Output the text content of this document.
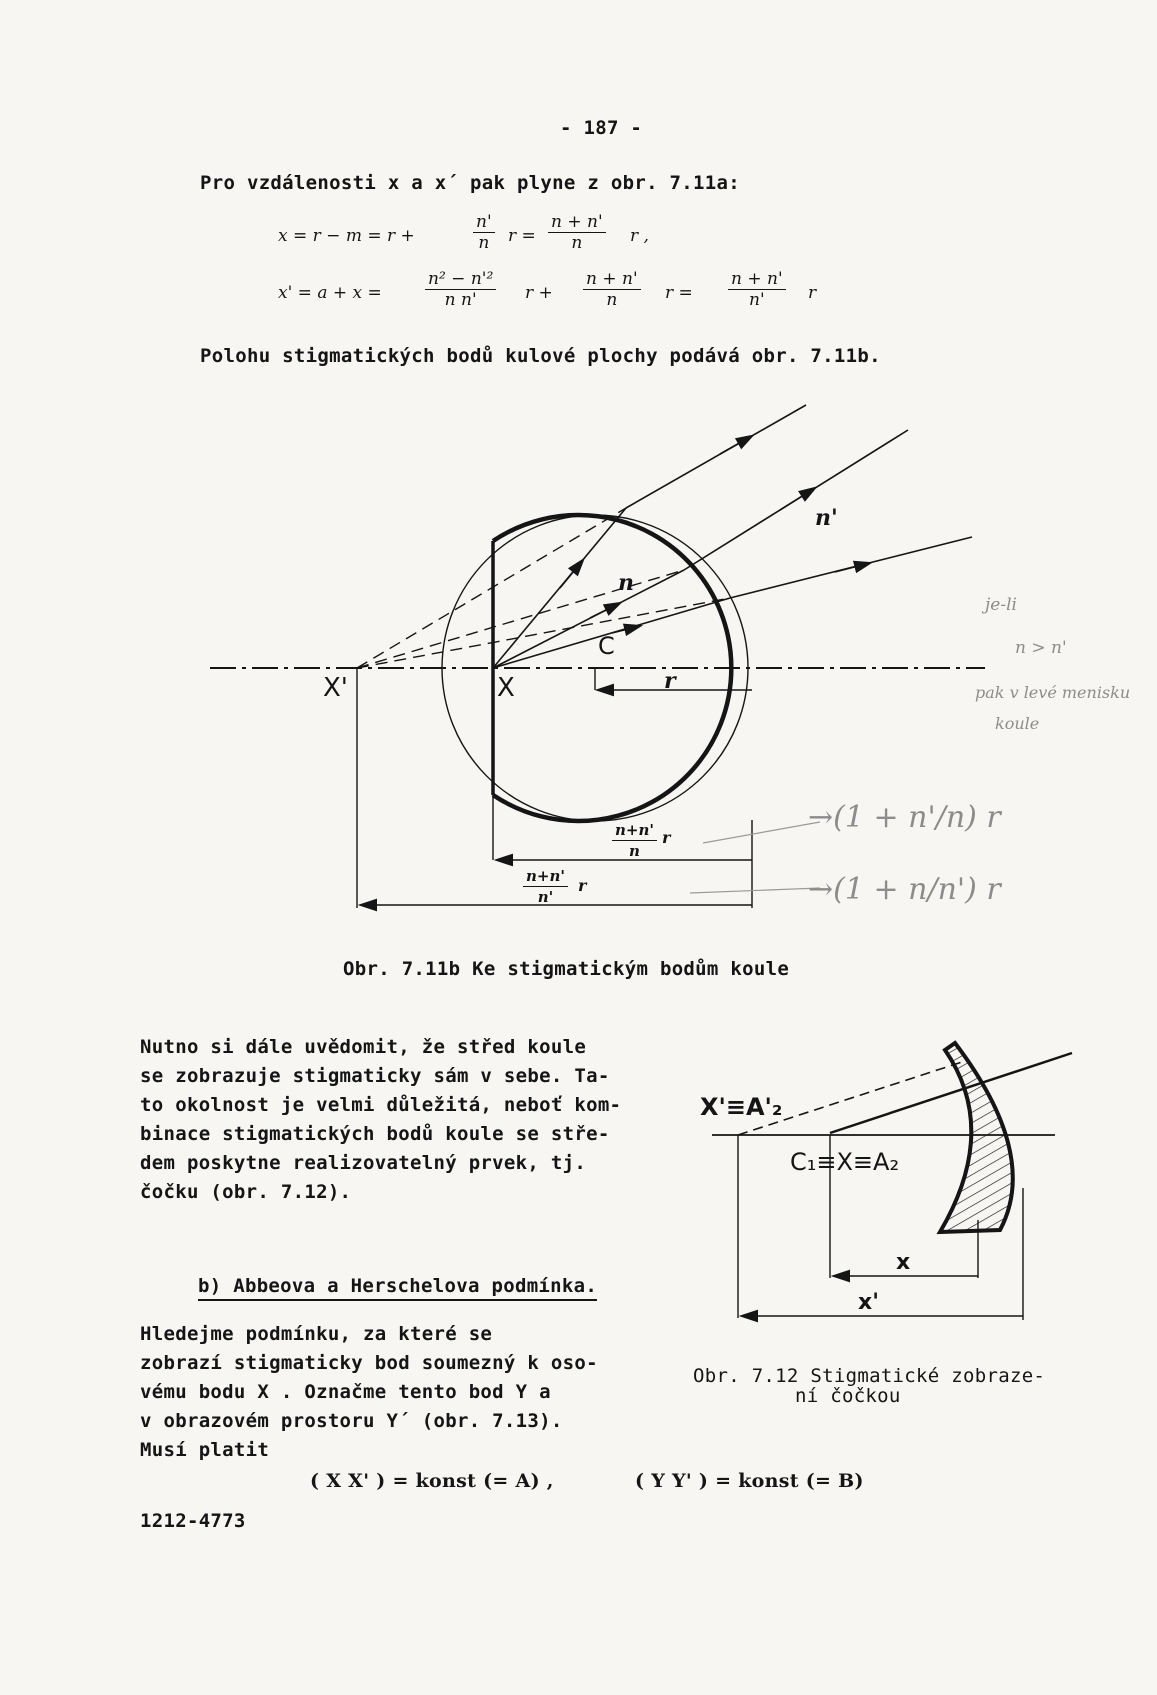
- 187 -
Pro vzdálenosti x a x´ pak plyne z obr. 7.11a:
x = r − m = r +	$\frac{n'}{n}$ $r = \frac{n + n'}{n}$ r ,
x' = a + x =	$\frac{\text{n² − n'²}}{\text{n n'}}$ $r + \frac{n + n'}{n}$ $r = \frac{n + n'}{n'}$ r
Polohu stigmatických bodů kulové plochy podává obr. 7.11b.
n'
n
C
X'	X	r
$\frac{n+n'}{n}$ r
$\frac{n+n'}{n'}$ r
je-li
n > n'
pak v levé menisku
koule
→(1 + n'/n) r
→(1 + n/n') r
Obr. 7.11b Ke stigmatickým bodům koule
Nutno si dále uvědomit, že střed koule
se zobrazuje stigmaticky sám v sebe. Ta-
to okolnost je velmi důležitá, neboť kom-
binace stigmatických bodů koule se stře-
dem poskytne realizovatelný prvek, tj.
čočku (obr. 7.12).
X'≡A'₂
C₁≡X≡A₂
x
x'
Obr. 7.12 Stigmatické zobraze-
ní čočkou
b) Abbeova a Herschelova podmínka.
Hledejme podmínku, za které se
zobrazí stigmaticky bod soumezný k oso-
vému bodu X . Označme tento bod Y a
v obrazovém prostoru Y´ (obr. 7.13).
Musí platit
( X X' ) = konst (= A) ,	( Y Y' ) = konst (= B)
1212-4773
